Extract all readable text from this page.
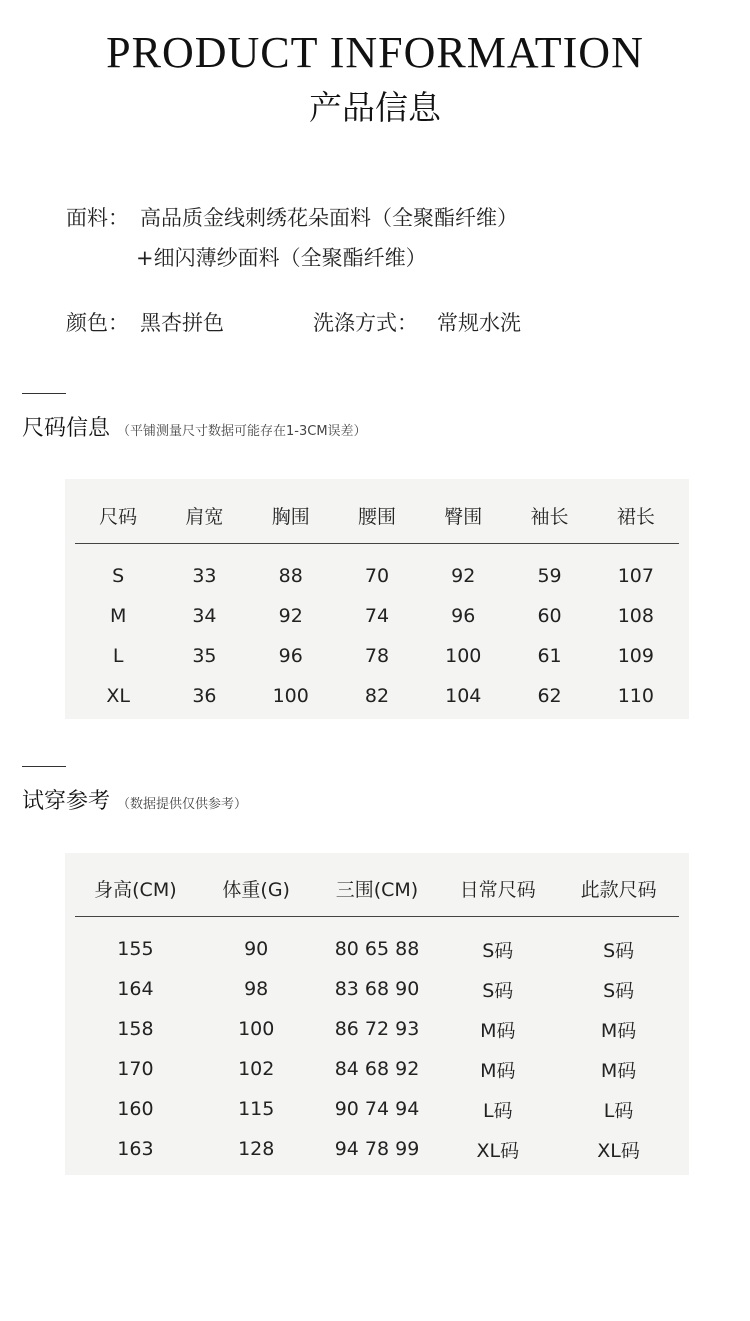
PRODUCT INFORMATION
产品信息
面料： 高品质金线刺绣花朵面料（全聚酯纤维）
+细闪薄纱面料（全聚酯纤维）
颜色： 黑杏拼色	洗涤方式： 常规水洗
尺码信息 （平铺测量尺寸数据可能存在1-3CM误差）
尺码	肩宽	胸围	腰围	臀围	袖长	裙长
S	33	88	70	92	59	107
M	34	92	74	96	60	108
L	35	96	78	100	61	109
XL	36	100	82	104	62	110
试穿参考 （数据提供仅供参考）
身高(CM)	体重(G)	三围(CM)	日常尺码	此款尺码
155	90	80 65 88	S码	S码
164	98	83 68 90	S码	S码
158	100	86 72 93	M码	M码
170	102	84 68 92	M码	M码
160	115	90 74 94	L码	L码
163	128	94 78 99	XL码	XL码
